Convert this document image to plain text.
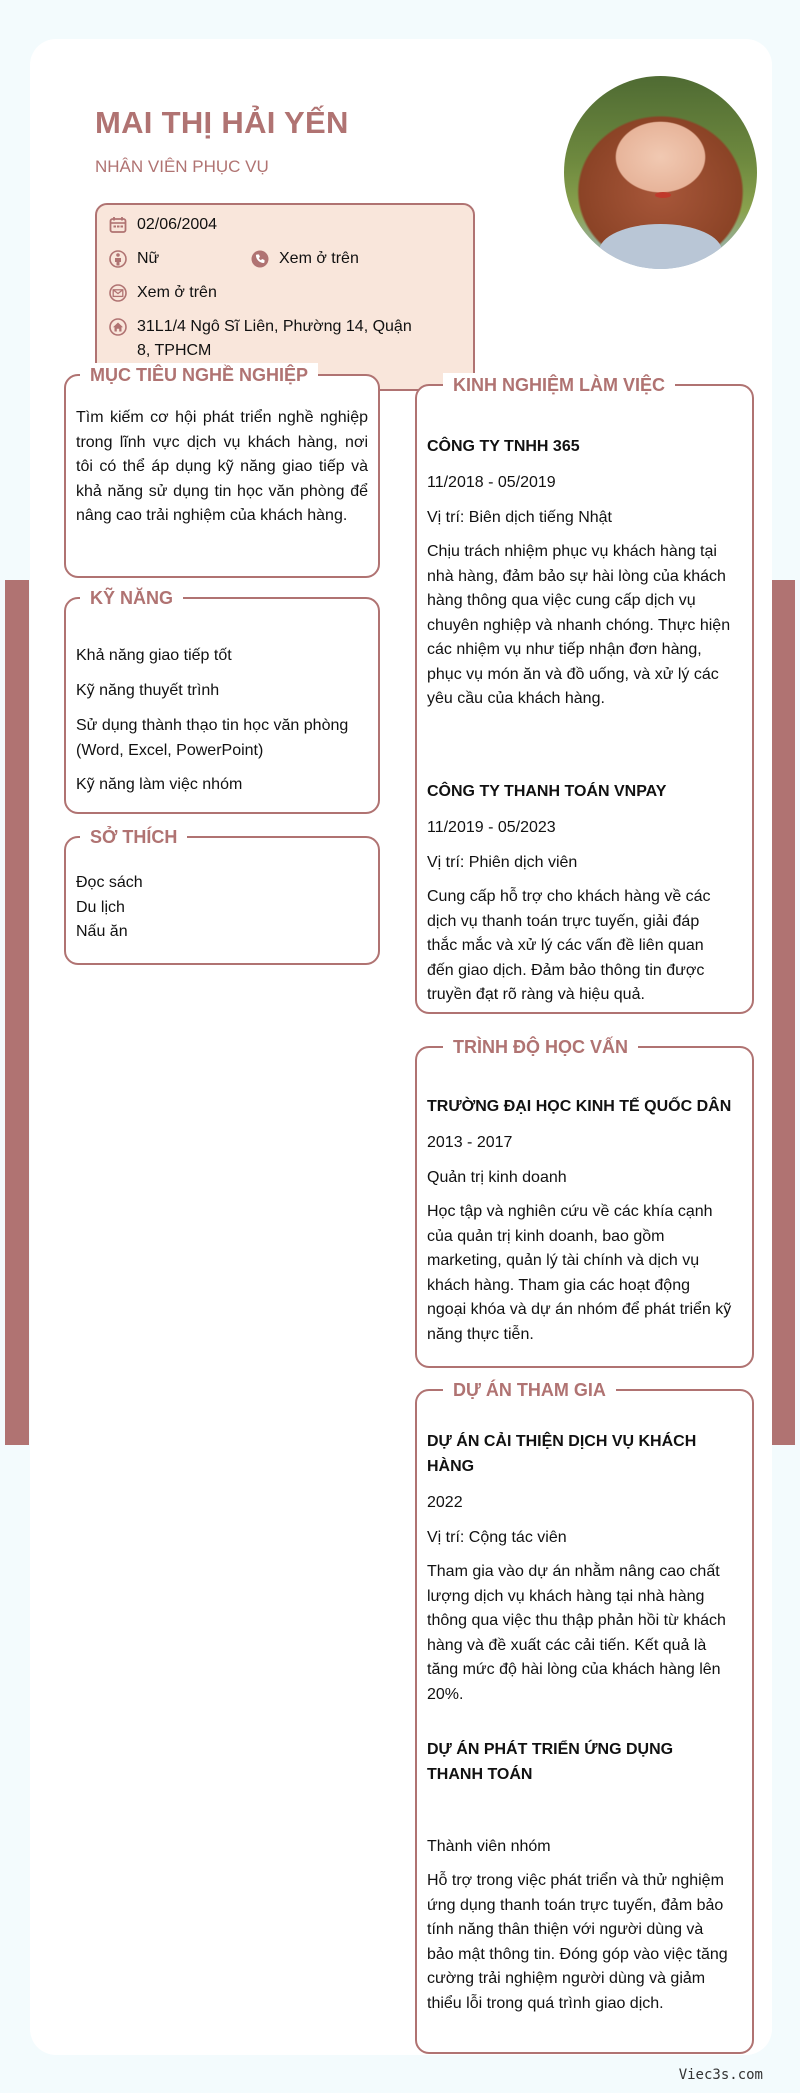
MAI THỊ HẢI YẾN
NHÂN VIÊN PHỤC VỤ
02/06/2004
Nữ	Xem ở trên
Xem ở trên
31L1/4 Ngô Sĩ Liên, Phường 14, Quận 8, TPHCM
MỤC TIÊU NGHỀ NGHIỆP
Tìm kiếm cơ hội phát triển nghề nghiệp trong lĩnh vực dịch vụ khách hàng, nơi tôi có thể áp dụng kỹ năng giao tiếp và khả năng sử dụng tin học văn phòng để nâng cao trải nghiệm của khách hàng.
KỸ NĂNG
Khả năng giao tiếp tốt
Kỹ năng thuyết trình
Sử dụng thành thạo tin học văn phòng (Word, Excel, PowerPoint)
Kỹ năng làm việc nhóm
SỞ THÍCH
Đọc sách
Du lịch
Nấu ăn
KINH NGHIỆM LÀM VIỆC
CÔNG TY TNHH 365
11/2018 - 05/2019
Vị trí: Biên dịch tiếng Nhật
Chịu trách nhiệm phục vụ khách hàng tại nhà hàng, đảm bảo sự hài lòng của khách hàng thông qua việc cung cấp dịch vụ chuyên nghiệp và nhanh chóng. Thực hiện các nhiệm vụ như tiếp nhận đơn hàng, phục vụ món ăn và đồ uống, và xử lý các yêu cầu của khách hàng.
CÔNG TY THANH TOÁN VNPAY
11/2019 - 05/2023
Vị trí: Phiên dịch viên
Cung cấp hỗ trợ cho khách hàng về các dịch vụ thanh toán trực tuyến, giải đáp thắc mắc và xử lý các vấn đề liên quan đến giao dịch. Đảm bảo thông tin được truyền đạt rõ ràng và hiệu quả.
TRÌNH ĐỘ HỌC VẤN
TRƯỜNG ĐẠI HỌC KINH TẾ QUỐC DÂN
2013 - 2017
Quản trị kinh doanh
Học tập và nghiên cứu về các khía cạnh của quản trị kinh doanh, bao gồm marketing, quản lý tài chính và dịch vụ khách hàng. Tham gia các hoạt động ngoại khóa và dự án nhóm để phát triển kỹ năng thực tiễn.
DỰ ÁN THAM GIA
DỰ ÁN CẢI THIỆN DỊCH VỤ KHÁCH HÀNG
2022
Vị trí: Cộng tác viên
Tham gia vào dự án nhằm nâng cao chất lượng dịch vụ khách hàng tại nhà hàng thông qua việc thu thập phản hồi từ khách hàng và đề xuất các cải tiến. Kết quả là tăng mức độ hài lòng của khách hàng lên 20%.
DỰ ÁN PHÁT TRIỂN ỨNG DỤNG THANH TOÁN
Thành viên nhóm
Hỗ trợ trong việc phát triển và thử nghiệm ứng dụng thanh toán trực tuyến, đảm bảo tính năng thân thiện với người dùng và bảo mật thông tin. Đóng góp vào việc tăng cường trải nghiệm người dùng và giảm thiểu lỗi trong quá trình giao dịch.
Viec3s.com
